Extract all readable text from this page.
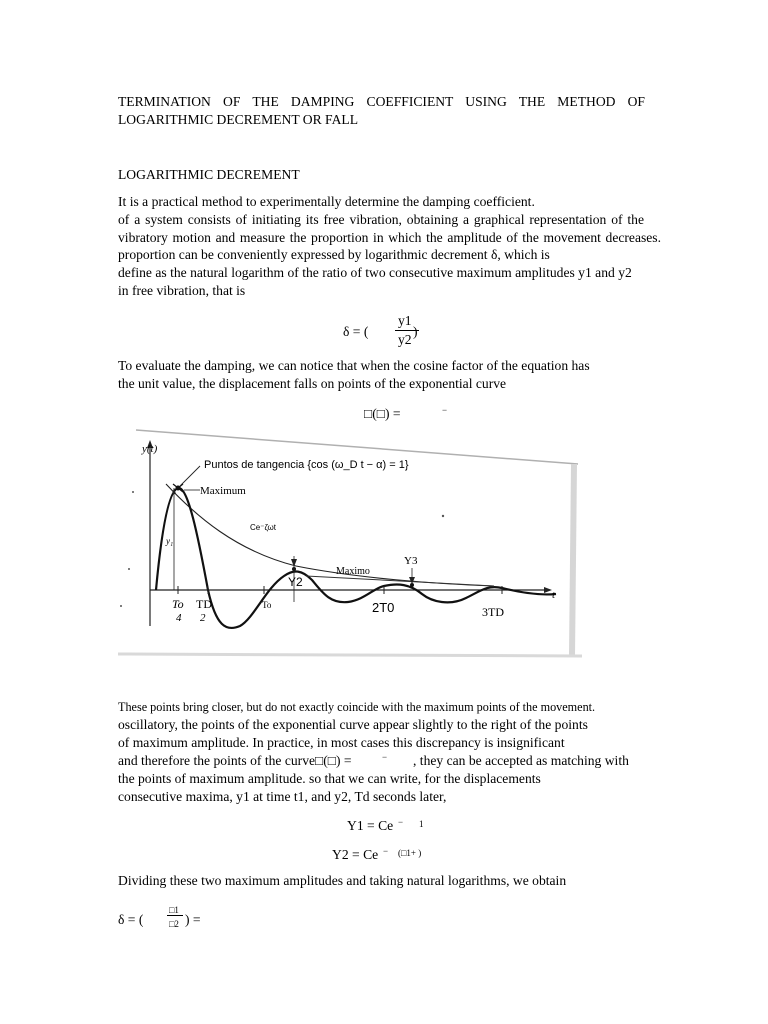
TERMINATION OF THE DAMPING COEFFICIENT USING THE METHOD OF
LOGARITHMIC DECREMENT OR FALL
LOGARITHMIC DECREMENT
It is a practical method to experimentally determine the damping coefficient.
of a system consists of initiating its free vibration, obtaining a graphical representation of the
vibratory motion and measure the proportion in which the amplitude of the movement decreases.
proportion can be conveniently expressed by logarithmic decrement δ, which is
define as the natural logarithm of the ratio of two consecutive maximum amplitudes y1 and y2
in free vibration, that is
δ = (
y1
y2
)
To evaluate the damping, we can notice that when the cosine factor of the equation has
the unit value, the displacement falls on points of the exponential curve
□(□) =	−
y(t)
t
Puntos de tangencia {cos (ω_D t − α) = 1}
Maximum
Ce⁻ζωt
y₁
Maximo
Y2
Y3
To
4
TD
2
To	2T0	3TD
These points bring closer, but do not exactly coincide with the maximum points of the movement.
oscillatory, the points of the exponential curve appear slightly to the right of the points
of maximum amplitude. In practice, in most cases this discrepancy is insignificant
and therefore the points of the curve□(□) =	− , they can be accepted as matching with
the points of maximum amplitude. so that we can write, for the displacements
consecutive maxima, y1 at time t1, and y2, Td seconds later,
Y1 = Ce − 1
Y2 = Ce − (□1+ )
Dividing these two maximum amplitudes and taking natural logarithms, we obtain
δ = (
□1
□2 ) =
